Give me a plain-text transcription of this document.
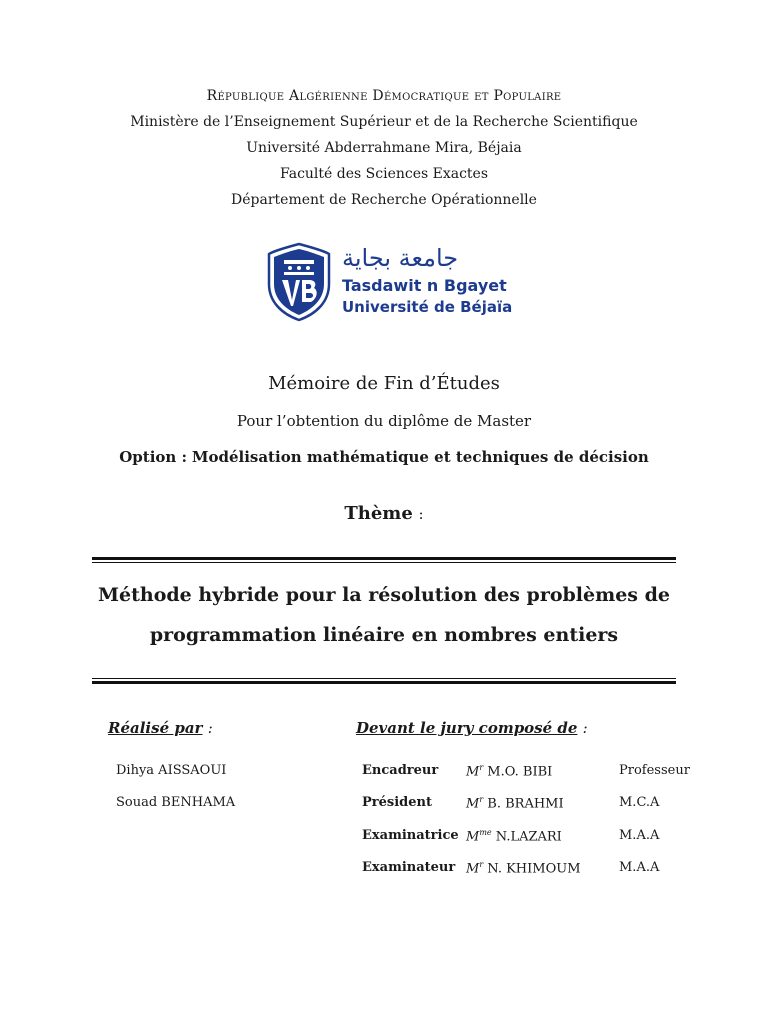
République Algérienne Démocratique et Populaire
Ministère de l’Enseignement Supérieur et de la Recherche Scientifique
Université Abderrahmane Mira, Béjaia
Faculté des Sciences Exactes
Département de Recherche Opérationnelle
جامعة بجاية
Tasdawit n Bgayet
Université de Béjaïa
Mémoire de Fin d’Études
Pour l’obtention du diplôme de Master
Option : Modélisation mathématique et techniques de décision
Thème :
Méthode hybride pour la résolution des problèmes de
programmation linéaire en nombres entiers
Réalisé par :
Dihya AISSAOUI
Souad BENHAMA
Devant le jury composé de :
Encadreur $M^r$ M.O. BIBI	Professeur
Président	$M^r$ B. BRAHMI	M.C.A
Examinatrice $M^{me}$ N.LAZARI	M.A.A
Examinateur $M^r$ N. KHIMOUM	M.A.A
